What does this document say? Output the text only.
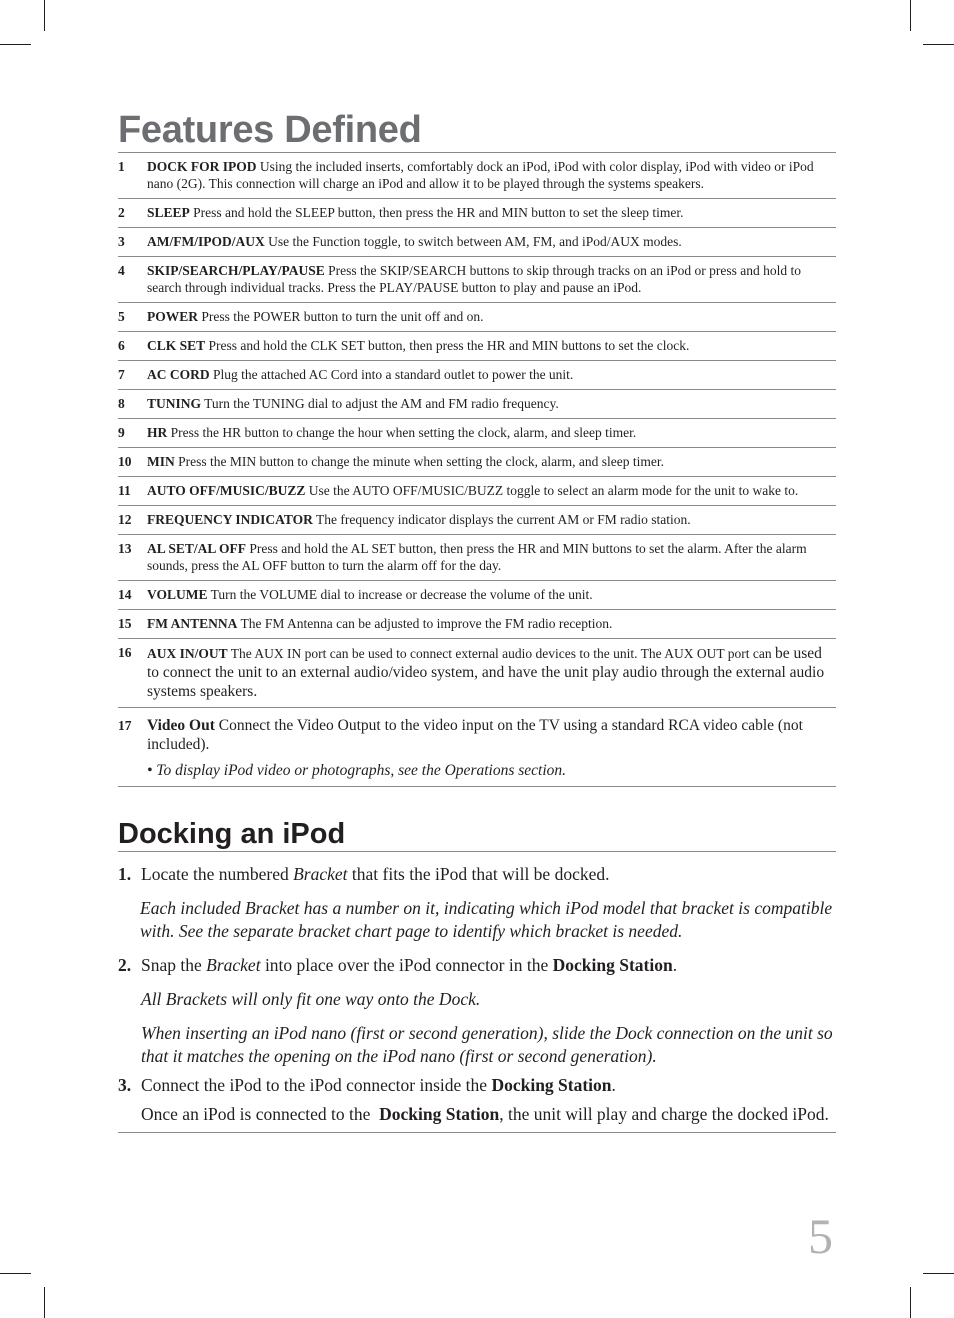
Features Defined
1	DOCK FOR IPOD Using the included inserts, comfortably dock an iPod, iPod with color display, iPod with video or iPod nano (2G). This connection will charge an iPod and allow it to be played through the systems speakers.
2	SLEEP Press and hold the SLEEP button, then press the HR and MIN button to set the sleep timer.
3	AM/FM/IPOD/AUX Use the Function toggle, to switch between AM, FM, and iPod/AUX modes.
4	SKIP/SEARCH/PLAY/PAUSE Press the SKIP/SEARCH buttons to skip through tracks on an iPod or press and hold to search through individual tracks. Press the PLAY/PAUSE button to play and pause an iPod.
5	POWER Press the POWER button to turn the unit off and on.
6	CLK SET Press and hold the CLK SET button, then press the HR and MIN buttons to set the clock.
7	AC CORD Plug the attached AC Cord into a standard outlet to power the unit.
8	TUNING Turn the TUNING dial to adjust the AM and FM radio frequency.
9	HR Press the HR button to change the hour when setting the clock, alarm, and sleep timer.
10	MIN Press the MIN button to change the minute when setting the clock, alarm, and sleep timer.
11	AUTO OFF/MUSIC/BUZZ Use the AUTO OFF/MUSIC/BUZZ toggle to select an alarm mode for the unit to wake to.
12	FREQUENCY INDICATOR The frequency indicator displays the current AM or FM radio station.
13	AL SET/AL OFF Press and hold the AL SET button, then press the HR and MIN buttons to set the alarm. After the alarm sounds, press the AL OFF button to turn the alarm off for the day.
14	VOLUME Turn the VOLUME dial to increase or decrease the volume of the unit.
15	FM ANTENNA The FM Antenna can be adjusted to improve the FM radio reception.
16	AUX IN/OUT The AUX IN port can be used to connect external audio devices to the unit. The AUX OUT port can be used to connect the unit to an external audio/video system, and have the unit play audio through the external audio systems speakers.
17	Video Out Connect the Video Output to the video input on the TV using a standard RCA video cable (not included).
• To display iPod video or photographs, see the Operations section.
Docking an iPod
1. Locate the numbered Bracket that fits the iPod that will be docked.

Each included Bracket has a number on it, indicating which iPod model that bracket is compatible with. See the separate bracket chart page to identify which bracket is needed.

2. Snap the Bracket into place over the iPod connector in the Docking Station.

All Brackets will only fit one way onto the Dock.

When inserting an iPod nano (first or second generation), slide the Dock connection on the unit so that it matches the opening on the iPod nano (first or second generation).

3. Connect the iPod to the iPod connector inside the Docking Station.

Once an iPod is connected to the  Docking Station, the unit will play and charge the docked iPod.

5
